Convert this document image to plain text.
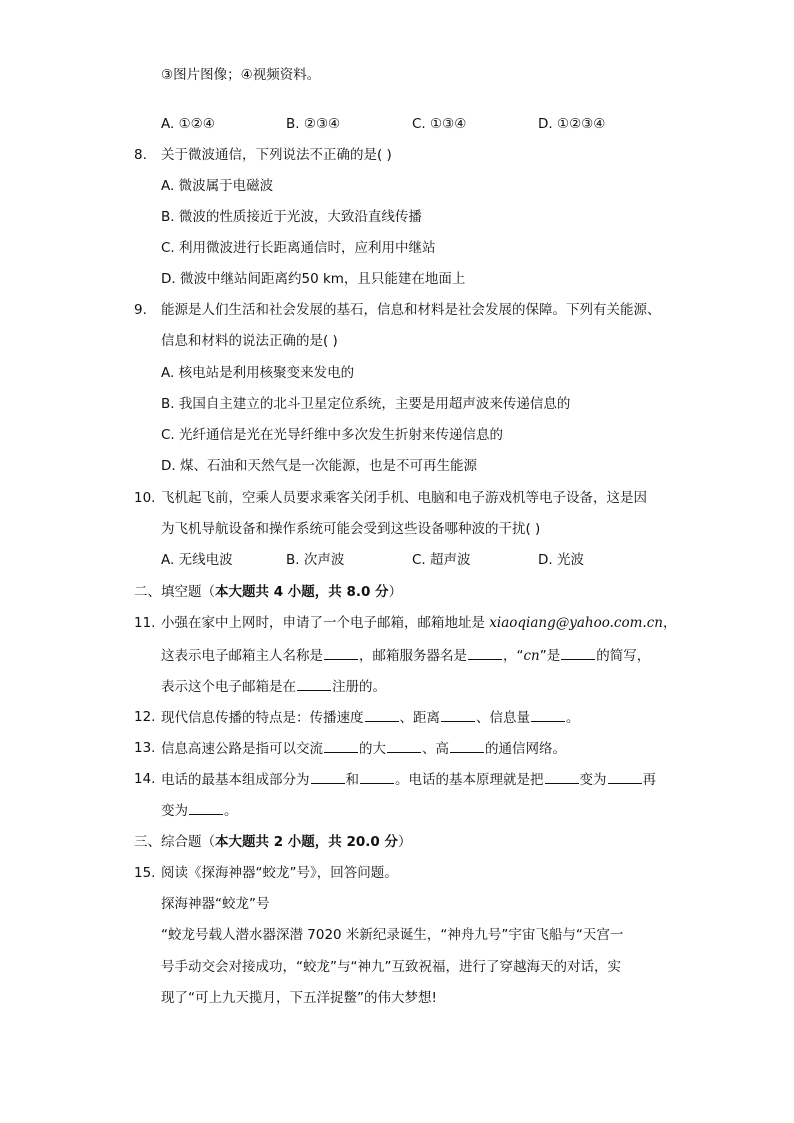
③图片图像；④视频资料。
A. ①②④	B. ②③④	C. ①③④	D. ①②③④
8.	关于微波通信，下列说法不正确的是( )
A. 微波属于电磁波
B. 微波的性质接近于光波，大致沿直线传播
C. 利用微波进行长距离通信时，应利用中继站
D. 微波中继站间距离约50 km，且只能建在地面上
9.	能源是人们生活和社会发展的基石，信息和材料是社会发展的保障。下列有关能源、
信息和材料的说法正确的是( )
A. 核电站是利用核聚变来发电的
B. 我国自主建立的北斗卫星定位系统，主要是用超声波来传递信息的
C. 光纤通信是光在光导纤维中多次发生折射来传递信息的
D. 煤、石油和天然气是一次能源，也是不可再生能源
10. 飞机起飞前，空乘人员要求乘客关闭手机、电脑和电子游戏机等电子设备，这是因
为飞机导航设备和操作系统可能会受到这些设备哪种波的干扰( )
A. 无线电波	B. 次声波	C. 超声波	D. 光波
二、填空题（本大题共 4 小题，共 8.0 分）
11. 小强在家中上网时，申请了一个电子邮箱，邮箱地址是 xiaoqiang@yahoo.com.cn，
这表示电子邮箱主人名称是	，邮箱服务器名是	，“cn”是	的简写，
表示这个电子邮箱是在	注册的。
12. 现代信息传播的特点是：传播速度	、距离	、信息量	。
13. 信息高速公路是指可以交流	的大	、高	的通信网络。
14. 电话的最基本组成部分为	和	。电话的基本原理就是把	变为	再
变为	。
三、综合题（本大题共 2 小题，共 20.0 分）
15. 阅读《探海神器“蛟龙”号》，回答问题。
探海神器“蛟龙”号
“蛟龙号载人潜水器深潜 7020 米新纪录诞生，“神舟九号”宇宙飞船与“天宫一
号手动交会对接成功，“蛟龙”与“神九”互致祝福，进行了穿越海天的对话，实
现了“可上九天揽月，下五洋捉鳖”的伟大梦想!
